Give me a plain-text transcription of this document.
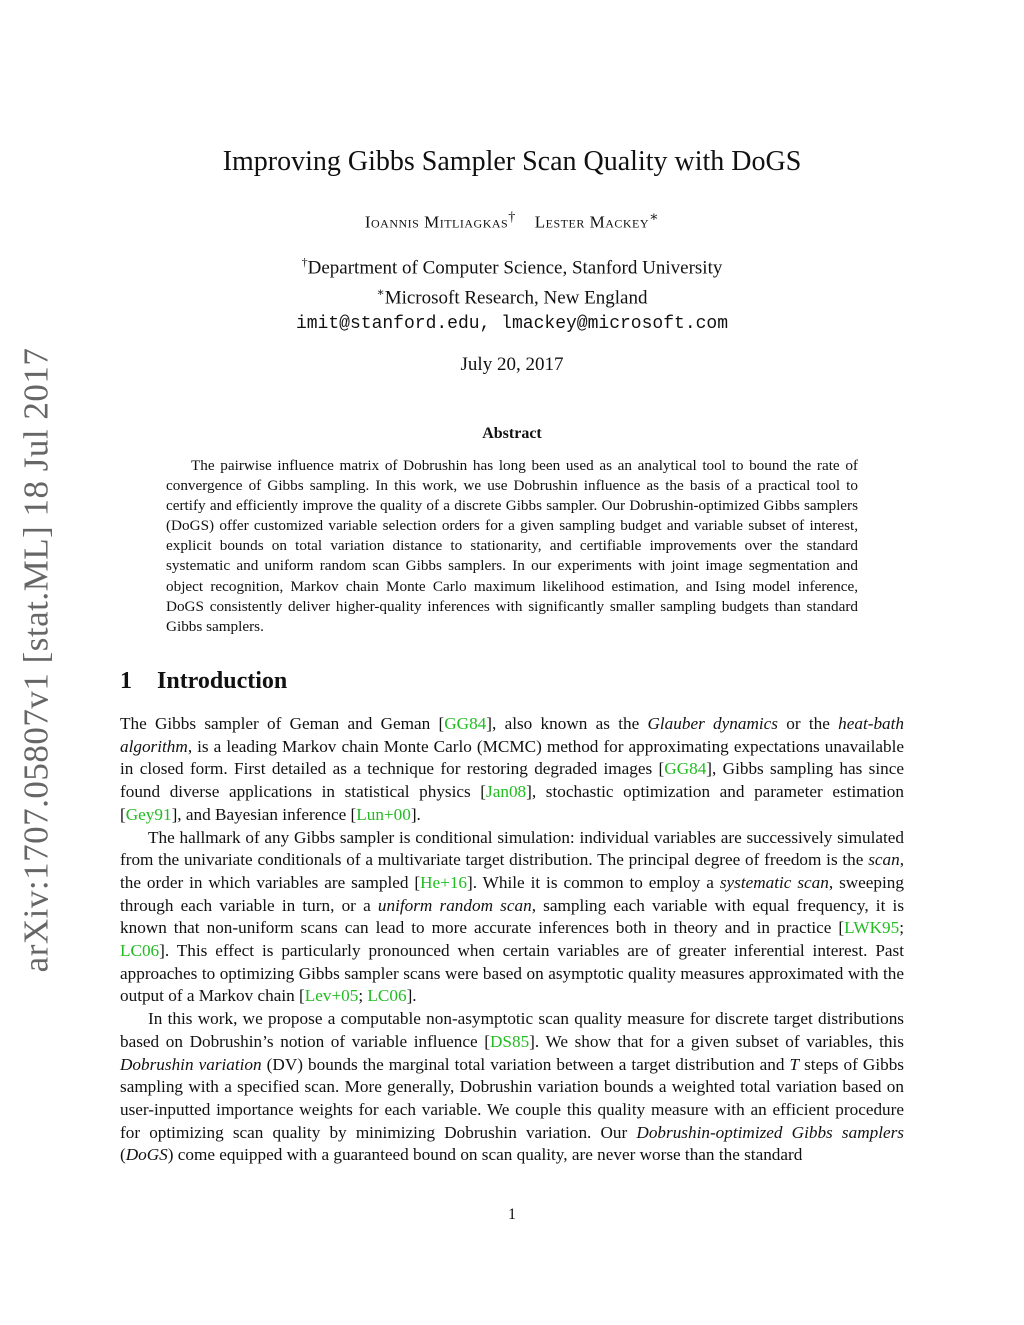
arXiv:1707.05807v1 [stat.ML] 18 Jul 2017
Improving Gibbs Sampler Scan Quality with DoGS
Ioannis Mitliagkas† Lester Mackey∗
†Department of Computer Science, Stanford University
∗Microsoft Research, New England
imit@stanford.edu, lmackey@microsoft.com
July 20, 2017
Abstract

The pairwise influence matrix of Dobrushin has long been used as an analytical tool to bound the rate of convergence of Gibbs sampling. In this work, we use Dobrushin influence as the basis of a practical tool to certify and efficiently improve the quality of a discrete Gibbs sampler. Our Dobrushin-optimized Gibbs samplers (DoGS) offer customized variable selection orders for a given sampling budget and variable subset of interest, explicit bounds on total variation distance to stationarity, and certifiable improvements over the standard systematic and uniform random scan Gibbs samplers. In our experiments with joint image segmentation and object recognition, Markov chain Monte Carlo maximum likelihood estimation, and Ising model inference, DoGS consistently deliver higher-quality inferences with significantly smaller sampling budgets than standard Gibbs samplers.

1 Introduction

The Gibbs sampler of Geman and Geman [GG84], also known as the Glauber dynamics or the heat-bath algorithm, is a leading Markov chain Monte Carlo (MCMC) method for approximating expectations unavailable in closed form. First detailed as a technique for restoring degraded images [GG84], Gibbs sampling has since found diverse applications in statistical physics [Jan08], stochastic optimization and parameter estimation [Gey91], and Bayesian inference [Lun+00].

The hallmark of any Gibbs sampler is conditional simulation: individual variables are successively simulated from the univariate conditionals of a multivariate target distribution. The principal degree of freedom is the scan, the order in which variables are sampled [He+16]. While it is common to employ a systematic scan, sweeping through each variable in turn, or a uniform random scan, sampling each variable with equal frequency, it is known that non-uniform scans can lead to more accurate inferences both in theory and in practice [LWK95; LC06]. This effect is particularly pronounced when certain variables are of greater inferential interest. Past approaches to optimizing Gibbs sampler scans were based on asymptotic quality measures approximated with the output of a Markov chain [Lev+05; LC06].

In this work, we propose a computable non-asymptotic scan quality measure for discrete target distributions based on Dobrushin’s notion of variable influence [DS85]. We show that for a given subset of variables, this Dobrushin variation (DV) bounds the marginal total variation between a target distribution and T steps of Gibbs sampling with a specified scan. More generally, Dobrushin variation bounds a weighted total variation based on user-inputted importance weights for each variable. We couple this quality measure with an efficient procedure for optimizing scan quality by minimizing Dobrushin variation. Our Dobrushin-optimized Gibbs samplers (DoGS) come equipped with a guaranteed bound on scan quality, are never worse than the standard

1
